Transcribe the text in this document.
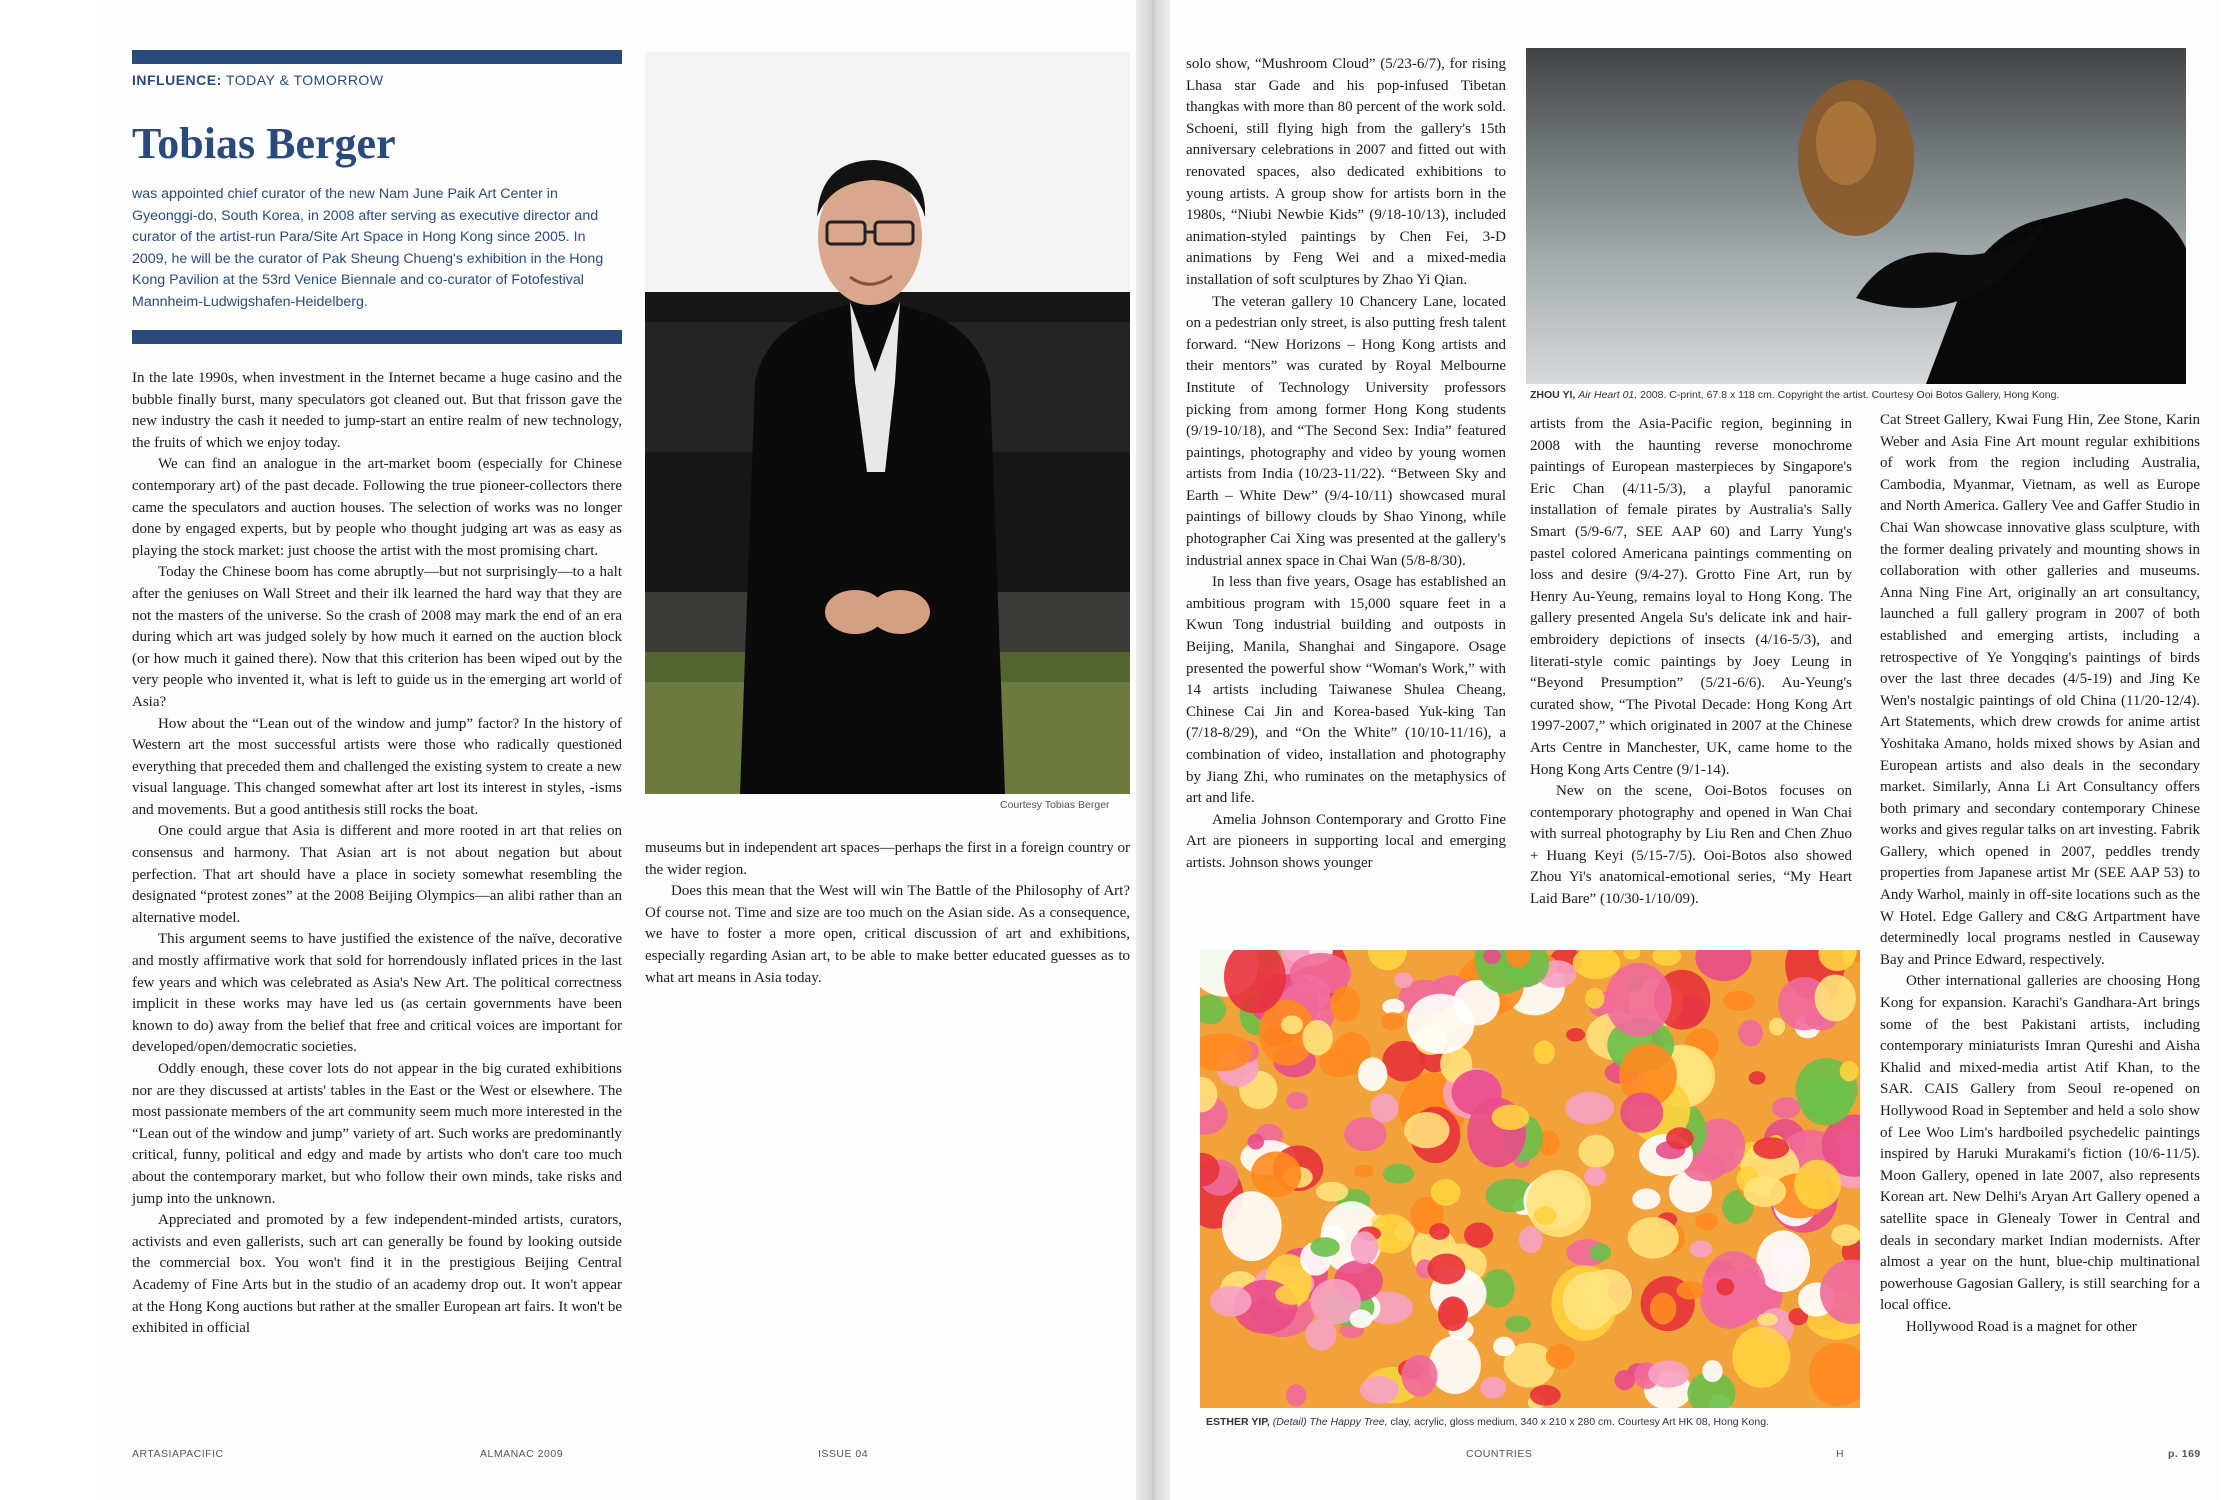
INFLUENCE: TODAY & TOMORROW
Tobias Berger

was appointed chief curator of the new Nam June Paik Art Center in Gyeonggi-do, South Korea, in 2008 after serving as executive director and curator of the artist-run Para/Site Art Space in Hong Kong since 2005. In 2009, he will be the curator of Pak Sheung Chueng's exhibition in the Hong Kong Pavilion at the 53rd Venice Biennale and co-curator of Fotofestival Mannheim-Ludwigshafen-Heidelberg.

In the late 1990s, when investment in the Internet became a huge casino and the bubble finally burst, many speculators got cleaned out. But that frisson gave the new industry the cash it needed to jump-start an entire realm of new technology, the fruits of which we enjoy today.

We can find an analogue in the art-market boom (especially for Chinese contemporary art) of the past decade. Following the true pioneer-collectors there came the speculators and auction houses. The selection of works was no longer done by engaged experts, but by people who thought judging art was as easy as playing the stock market: just choose the artist with the most promising chart.

Today the Chinese boom has come abruptly—but not surprisingly—to a halt after the geniuses on Wall Street and their ilk learned the hard way that they are not the masters of the universe. So the crash of 2008 may mark the end of an era during which art was judged solely by how much it earned on the auction block (or how much it gained there). Now that this criterion has been wiped out by the very people who invented it, what is left to guide us in the emerging art world of Asia?

How about the “Lean out of the window and jump” factor? In the history of Western art the most successful artists were those who radically questioned everything that preceded them and challenged the existing system to create a new visual language. This changed somewhat after art lost its interest in styles, -isms and movements. But a good antithesis still rocks the boat.

One could argue that Asia is different and more rooted in art that relies on consensus and harmony. That Asian art is not about negation but about perfection. That art should have a place in society somewhat resembling the designated “protest zones” at the 2008 Beijing Olympics—an alibi rather than an alternative model.

This argument seems to have justified the existence of the naïve, decorative and mostly affirmative work that sold for horrendously inflated prices in the last few years and which was celebrated as Asia's New Art. The political correctness implicit in these works may have led us (as certain governments have been known to do) away from the belief that free and critical voices are important for developed/open/democratic societies.

Oddly enough, these cover lots do not appear in the big curated exhibitions nor are they discussed at artists' tables in the East or the West or elsewhere. The most passionate members of the art community seem much more interested in the “Lean out of the window and jump” variety of art. Such works are predominantly critical, funny, political and edgy and made by artists who don't care too much about the contemporary market, but who follow their own minds, take risks and jump into the unknown.

Appreciated and promoted by a few independent-minded artists, curators, activists and even gallerists, such art can generally be found by looking outside the commercial box. You won't find it in the prestigious Beijing Central Academy of Fine Arts but in the studio of an academy drop out. It won't appear at the Hong Kong auctions but rather at the smaller European art fairs. It won't be exhibited in official

Courtesy Tobias Berger

museums but in independent art spaces—perhaps the first in a foreign country or the wider region.

Does this mean that the West will win The Battle of the Philosophy of Art? Of course not. Time and size are too much on the Asian side. As a consequence, we have to foster a more open, critical discussion of art and exhibitions, especially regarding Asian art, to be able to make better educated guesses as to what art means in Asia today.

ARTASIAPACIFIC	ALMANAC 2009	ISSUE 04

solo show, “Mushroom Cloud” (5/23-6/7), for rising Lhasa star Gade and his pop-infused Tibetan thangkas with more than 80 percent of the work sold. Schoeni, still flying high from the gallery's 15th anniversary celebrations in 2007 and fitted out with renovated spaces, also dedicated exhibitions to young artists. A group show for artists born in the 1980s, “Niubi Newbie Kids” (9/18-10/13), included animation-styled paintings by Chen Fei, 3-D animations by Feng Wei and a mixed-media installation of soft sculptures by Zhao Yi Qian.

The veteran gallery 10 Chancery Lane, located on a pedestrian only street, is also putting fresh talent forward. “New Horizons – Hong Kong artists and their mentors” was curated by Royal Melbourne Institute of Technology University professors picking from among former Hong Kong students (9/19-10/18), and “The Second Sex: India” featured paintings, photography and video by young women artists from India (10/23-11/22). “Between Sky and Earth – White Dew” (9/4-10/11) showcased mural paintings of billowy clouds by Shao Yinong, while photographer Cai Xing was presented at the gallery's industrial annex space in Chai Wan (5/8-8/30).

In less than five years, Osage has established an ambitious program with 15,000 square feet in a Kwun Tong industrial building and outposts in Beijing, Manila, Shanghai and Singapore. Osage presented the powerful show “Woman's Work,” with 14 artists including Taiwanese Shulea Cheang, Chinese Cai Jin and Korea-based Yuk-king Tan (7/18-8/29), and “On the White” (10/10-11/16), a combination of video, installation and photography by Jiang Zhi, who ruminates on the metaphysics of art and life.

Amelia Johnson Contemporary and Grotto Fine Art are pioneers in supporting local and emerging artists. Johnson shows younger

ZHOU YI, Air Heart 01, 2008. C-print, 67.8 x 118 cm. Copyright the artist. Courtesy Ooi Botos Gallery, Hong Kong.

artists from the Asia-Pacific region, beginning in 2008 with the haunting reverse monochrome paintings of European masterpieces by Singapore's Eric Chan (4/11-5/3), a playful panoramic installation of female pirates by Australia's Sally Smart (5/9-6/7, SEE AAP 60) and Larry Yung's pastel colored Americana paintings commenting on loss and desire (9/4-27). Grotto Fine Art, run by Henry Au-Yeung, remains loyal to Hong Kong. The gallery presented Angela Su's delicate ink and hair-embroidery depictions of insects (4/16-5/3), and literati-style comic paintings by Joey Leung in “Beyond Presumption” (5/21-6/6). Au-Yeung's curated show, “The Pivotal Decade: Hong Kong Art 1997-2007,” which originated in 2007 at the Chinese Arts Centre in Manchester, UK, came home to the Hong Kong Arts Centre (9/1-14).

New on the scene, Ooi-Botos focuses on contemporary photography and opened in Wan Chai with surreal photography by Liu Ren and Chen Zhuo + Huang Keyi (5/15-7/5). Ooi-Botos also showed Zhou Yi's anatomical-emotional series, “My Heart Laid Bare” (10/30-1/10/09).

ESTHER YIP, (Detail) The Happy Tree, clay, acrylic, gloss medium, 340 x 210 x 280 cm. Courtesy Art HK 08, Hong Kong.

Cat Street Gallery, Kwai Fung Hin, Zee Stone, Karin Weber and Asia Fine Art mount regular exhibitions of work from the region including Australia, Cambodia, Myanmar, Vietnam, as well as Europe and North America. Gallery Vee and Gaffer Studio in Chai Wan showcase innovative glass sculpture, with the former dealing privately and mounting shows in collaboration with other galleries and museums. Anna Ning Fine Art, originally an art consultancy, launched a full gallery program in 2007 of both established and emerging artists, including a retrospective of Ye Yongqing's paintings of birds over the last three decades (4/5-19) and Jing Ke Wen's nostalgic paintings of old China (11/20-12/4). Art Statements, which drew crowds for anime artist Yoshitaka Amano, holds mixed shows by Asian and European artists and also deals in the secondary market. Similarly, Anna Li Art Consultancy offers both primary and secondary contemporary Chinese works and gives regular talks on art investing. Fabrik Gallery, which opened in 2007, peddles trendy properties from Japanese artist Mr (SEE AAP 53) to Andy Warhol, mainly in off-site locations such as the W Hotel. Edge Gallery and C&G Artpartment have determinedly local programs nestled in Causeway Bay and Prince Edward, respectively.

Other international galleries are choosing Hong Kong for expansion. Karachi's Gandhara-Art brings some of the best Pakistani artists, including contemporary miniaturists Imran Qureshi and Aisha Khalid and mixed-media artist Atif Khan, to the SAR. CAIS Gallery from Seoul re-opened on Hollywood Road in September and held a solo show of Lee Woo Lim's hardboiled psychedelic paintings inspired by Haruki Murakami's fiction (10/6-11/5). Moon Gallery, opened in late 2007, also represents Korean art. New Delhi's Aryan Art Gallery opened a satellite space in Glenealy Tower in Central and deals in secondary market Indian modernists. After almost a year on the hunt, blue-chip multinational powerhouse Gagosian Gallery, is still searching for a local office.

Hollywood Road is a magnet for other

COUNTRIES	H	p. 169
